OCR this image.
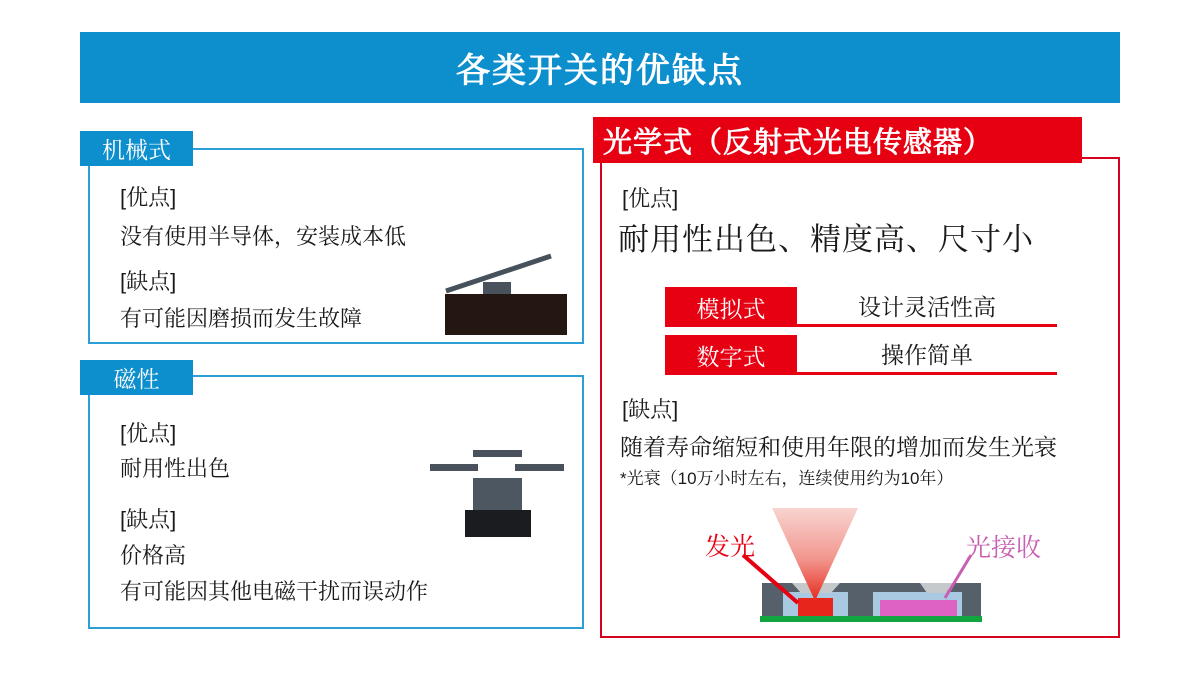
各类开关的优缺点
机械式
[优点]
没有使用半导体，安装成本低
[缺点]
有可能因磨损而发生故障
磁性
[优点]
耐用性出色
[缺点]
价格高
有可能因其他电磁干扰而误动作
光学式（反射式光电传感器）
[优点]
耐用性出色、精度高、尺寸小
模拟式	设计灵活性高
数字式	操作简单
[缺点]
随着寿命缩短和使用年限的增加而发生光衰
*光衰（10万小时左右，连续使用约为10年）
发光	光接收
